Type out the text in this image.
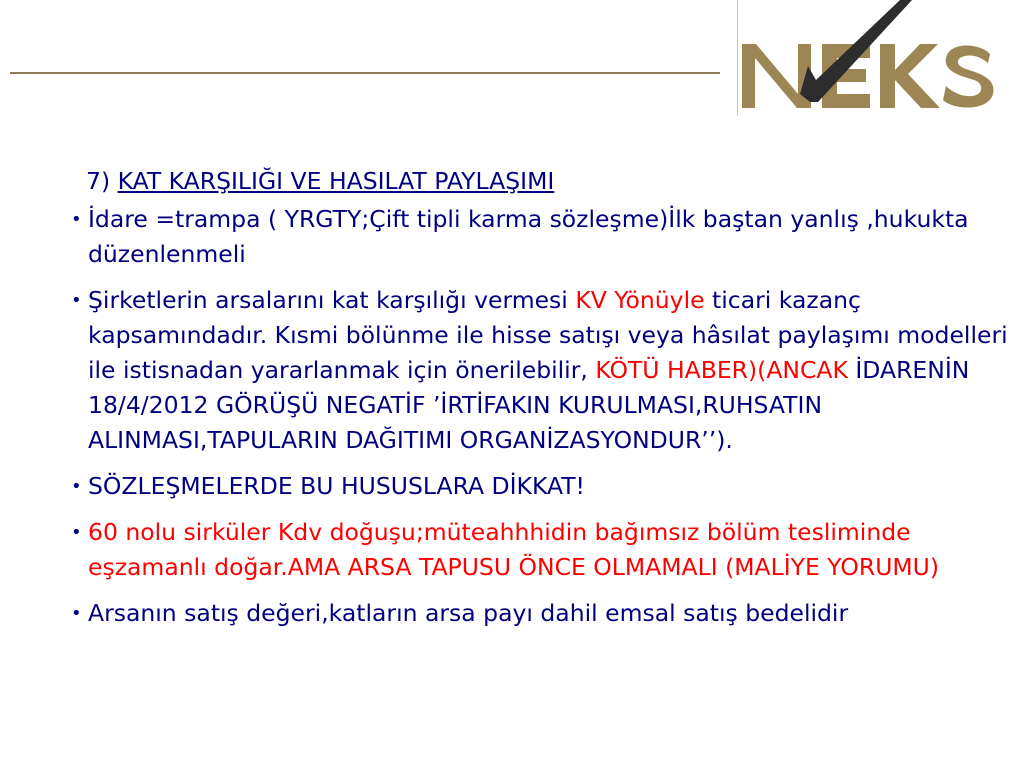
7) KAT KARŞILIĞI VE HASILAT PAYLAŞIMI
• İdare =trampa ( YRGTY;Çift tipli karma sözleşme)İlk baştan yanlış ,hukukta düzenlenmeli
• Şirketlerin arsalarını kat karşılığı vermesi KV Yönüyle ticari kazanç kapsamındadır. Kısmi bölünme ile hisse satışı veya hâsılat paylaşımı modelleri ile istisnadan yararlanmak için önerilebilir, KÖTÜ HABER)(ANCAK İDARENİN 18/4/2012 GÖRÜŞÜ NEGATİF ’İRTİFAKIN KURULMASI,RUHSATIN ALINMASI,TAPULARIN DAĞITIMI ORGANİZASYONDUR’’).
• SÖZLEŞMELERDE BU HUSUSLARA DİKKAT!
• 60 nolu sirküler Kdv doğuşu;müteahhhidin bağımsız bölüm tesliminde eşzamanlı doğar.AMA ARSA TAPUSU ÖNCE OLMAMALI (MALİYE YORUMU)
• Arsanın satış değeri,katların arsa payı dahil emsal satış bedelidir
